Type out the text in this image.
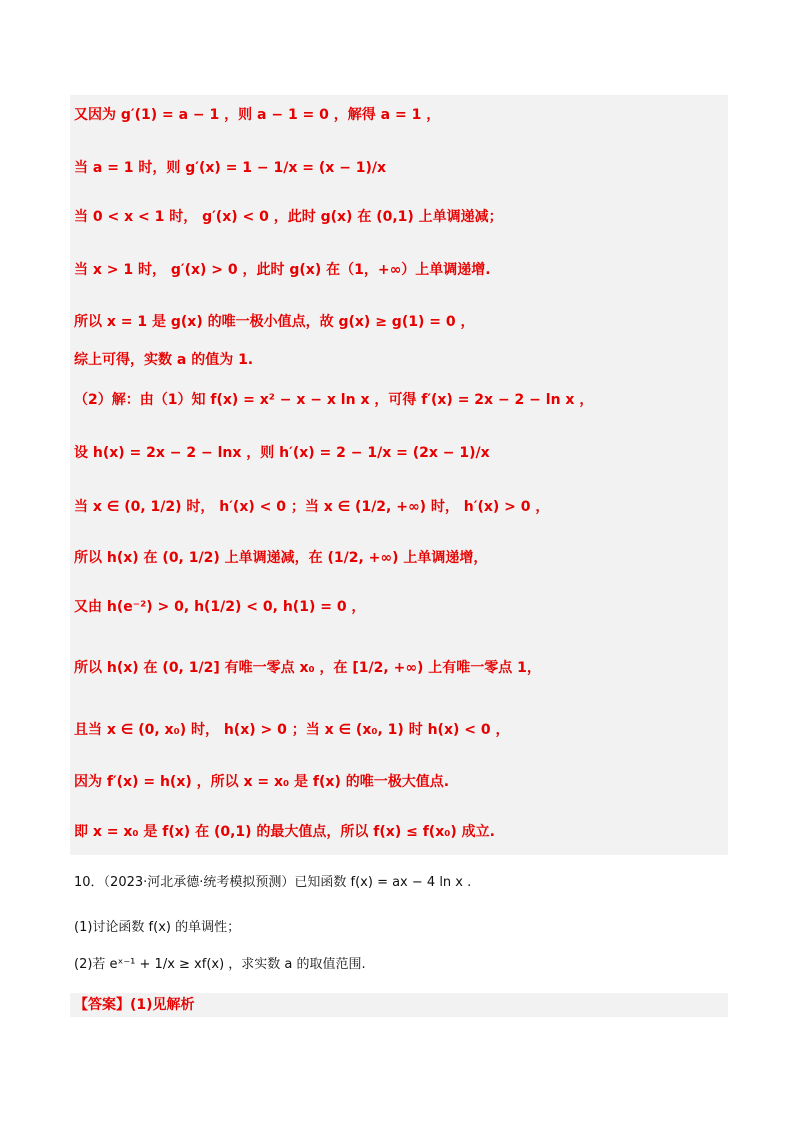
又因为 g′(1) = a − 1 ，则 a − 1 = 0 ，解得 a = 1 ，
当 a = 1 时，则 g′(x) = 1 − 1/x = (x − 1)/x
当 0 < x < 1 时， g′(x) < 0 ，此时 g(x) 在 (0,1) 上单调递减；
当 x > 1 时， g′(x) > 0 ，此时 g(x) 在（1，+∞）上单调递增.
所以 x = 1 是 g(x) 的唯一极小值点，故 g(x) ≥ g(1) = 0 ，
综上可得，实数 a 的值为 1.
（2）解：由（1）知 f(x) = x² − x − x ln x ，可得 f′(x) = 2x − 2 − ln x ，
设 h(x) = 2x − 2 − lnx ，则 h′(x) = 2 − 1/x = (2x − 1)/x
当 x ∈ (0, 1/2) 时， h′(x) < 0 ；当 x ∈ (1/2, +∞) 时， h′(x) > 0 ，
所以 h(x) 在 (0, 1/2) 上单调递减，在 (1/2, +∞) 上单调递增，
又由 h(e⁻²) > 0, h(1/2) < 0, h(1) = 0 ，
所以 h(x) 在 (0, 1/2] 有唯一零点 x₀ ，在 [1/2, +∞) 上有唯一零点 1，
且当 x ∈ (0, x₀) 时， h(x) > 0 ；当 x ∈ (x₀, 1) 时 h(x) < 0 ，
因为 f′(x) = h(x) ，所以 x = x₀ 是 f(x) 的唯一极大值点.
即 x = x₀ 是 f(x) 在 (0,1) 的最大值点，所以 f(x) ≤ f(x₀) 成立.
10．（2023·河北承德·统考模拟预测）已知函数 f(x) = ax − 4 ln x .
(1)讨论函数 f(x) 的单调性；
(2)若 eˣ⁻¹ + 1/x ≥ xf(x) ，求实数 a 的取值范围.
【答案】(1)见解析
